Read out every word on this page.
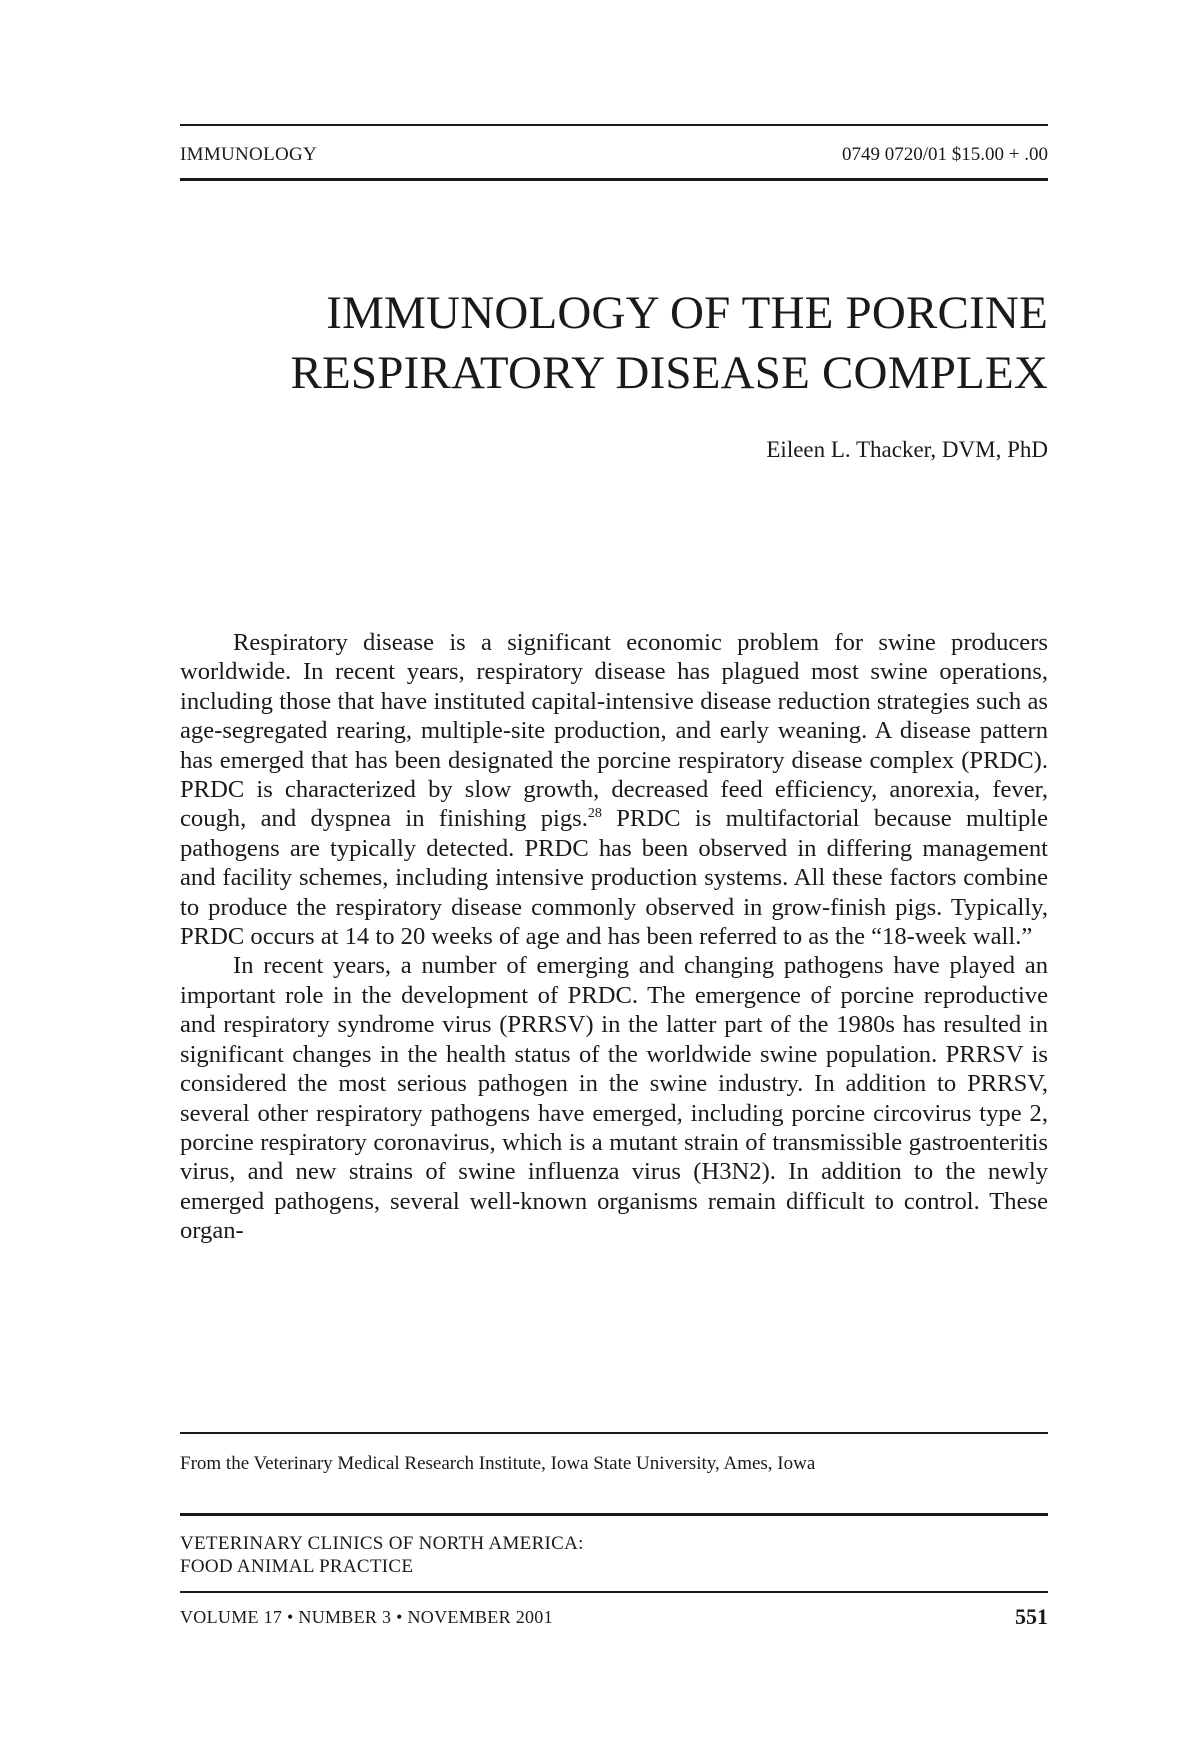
IMMUNOLOGY	0749 0720/01 $15.00 + .00
IMMUNOLOGY OF THE PORCINE
RESPIRATORY DISEASE COMPLEX
Eileen L. Thacker, DVM, PhD

Respiratory disease is a significant economic problem for swine producers worldwide. In recent years, respiratory disease has plagued most swine operations, including those that have instituted capital-intensive disease reduction strategies such as age-segregated rearing, multiple-site production, and early weaning. A disease pattern has emerged that has been designated the porcine respiratory disease complex (PRDC). PRDC is characterized by slow growth, decreased feed efficiency, anorexia, fever, cough, and dyspnea in finishing pigs.$^{28}$ PRDC is multifactorial because multiple pathogens are typically detected. PRDC has been observed in differing management and facility schemes, including intensive production systems. All these factors combine to produce the respiratory disease commonly observed in grow-finish pigs. Typically, PRDC occurs at 14 to 20 weeks of age and has been referred to as the “18-week wall.”

In recent years, a number of emerging and changing pathogens have played an important role in the development of PRDC. The emergence of porcine reproductive and respiratory syndrome virus (PRRSV) in the latter part of the 1980s has resulted in significant changes in the health status of the worldwide swine population. PRRSV is considered the most serious pathogen in the swine industry. In addition to PRRSV, several other respiratory pathogens have emerged, including porcine circovirus type 2, porcine respiratory coronavirus, which is a mutant strain of transmissible gastroenteritis virus, and new strains of swine influenza virus (H3N2). In addition to the newly emerged pathogens, several well-known organisms remain difficult to control. These organ-

From the Veterinary Medical Research Institute, Iowa State University, Ames, Iowa
VETERINARY CLINICS OF NORTH AMERICA:
FOOD ANIMAL PRACTICE
VOLUME 17 • NUMBER 3 • NOVEMBER 2001	551
